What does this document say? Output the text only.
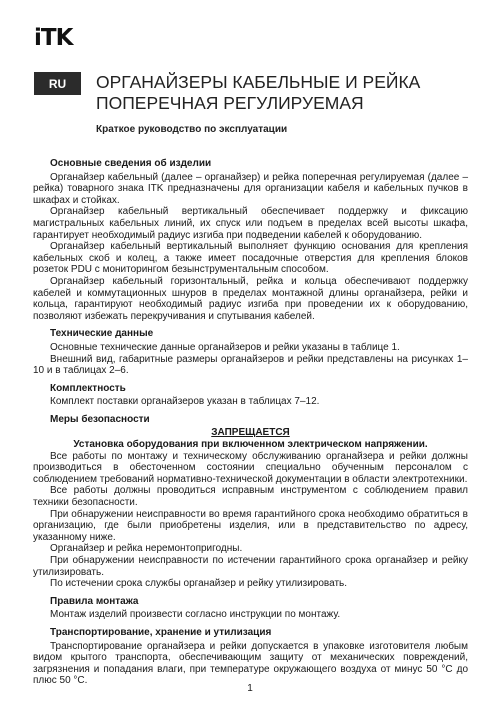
iTK
RU	ОРГАНАЙЗЕРЫ КАБЕЛЬНЫЕ И РЕЙКА ПОПЕРЕЧНАЯ РЕГУЛИРУЕМАЯ
Краткое руководство по эксплуатации
Основные сведения об изделии

Органайзер кабельный (далее – органайзер) и рейка поперечная регулируемая (далее – рейка) товарного знака ITK предназначены для организации кабеля и кабельных пучков в шкафах и стойках.

Органайзер кабельный вертикальный обеспечивает поддержку и фиксацию магистральных кабельных линий, их спуск или подъем в пределах всей высоты шкафа, гарантирует необходимый радиус изгиба при подведении кабелей к оборудованию.

Органайзер кабельный вертикальный выполняет функцию основания для крепления кабельных скоб и колец, а также имеет посадочные отверстия для крепления блоков розеток PDU с мониторингом безынструментальным способом.

Органайзер кабельный горизонтальный, рейка и кольца обеспечивают поддержку кабелей и коммутационных шнуров в пределах монтажной длины органайзера, рейки и кольца, гарантируют необходимый радиус изгиба при проведении их к оборудованию, позволяют избежать перекручивания и спутывания кабелей.

Технические данные

Основные технические данные органайзеров и рейки указаны в таблице 1.

Внешний вид, габаритные размеры органайзеров и рейки представлены на рисунках 1–10 и в таблицах 2–6.

Комплектность

Комплект поставки органайзеров указан в таблицах 7–12.

Меры безопасности
ЗАПРЕЩАЕТСЯ
Установка оборудования при включенном электрическом напряжении.

Все работы по монтажу и техническому обслуживанию органайзера и рейки должны производиться в обесточенном состоянии специально обученным персоналом с соблюдением требований нормативно-технической документации в области электротехники.

Все работы должны проводиться исправным инструментом с соблюдением правил техники безопасности.

При обнаружении неисправности во время гарантийного срока необходимо обратиться в организацию, где были приобретены изделия, или в представительство по адресу, указанному ниже.

Органайзер и рейка неремонтопригодны.

При обнаружении неисправности по истечении гарантийного срока органайзер и рейку утилизировать.

По истечении срока службы органайзер и рейку утилизировать.

Правила монтажа

Монтаж изделий произвести согласно инструкции по монтажу.

Транспортирование, хранение и утилизация

Транспортирование органайзера и рейки допускается в упаковке изготовителя любым видом крытого транспорта, обеспечивающим защиту от механических повреждений, загрязнения и попадания влаги, при температуре окружающего воздуха от минус 50 °С до плюс 50 °С.

1
